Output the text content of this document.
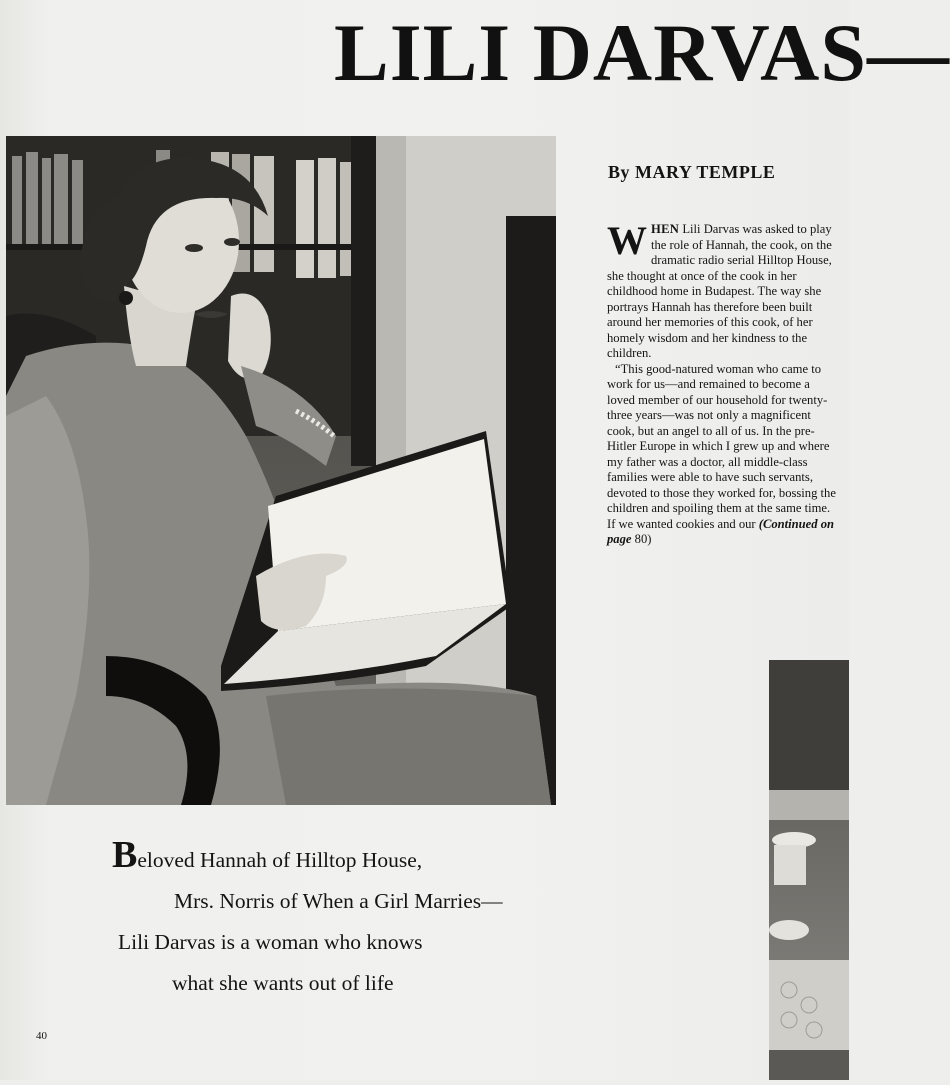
LILI DARVAS—
By MARY TEMPLE

WHEN Lili Darvas was asked to play the role of Hannah, the cook, on the dramatic radio serial Hilltop House, she thought at once of the cook in her childhood home in Budapest. The way she portrays Hannah has therefore been built around her memories of this cook, of her homely wisdom and her kindness to the children.

“This good-natured woman who came to work for us—and remained to become a loved member of our household for twenty-three years—was not only a magnificent cook, but an angel to all of us. In the pre-Hitler Europe in which I grew up and where my father was a doctor, all middle-class families were able to have such servants, devoted to those they worked for, bossing the children and spoiling them at the same time. If we wanted cookies and our (Continued on page 80)

Beloved Hannah of Hilltop House,
Mrs. Norris of When a Girl Marries—
Lili Darvas is a woman who knows
what she wants out of life
40
